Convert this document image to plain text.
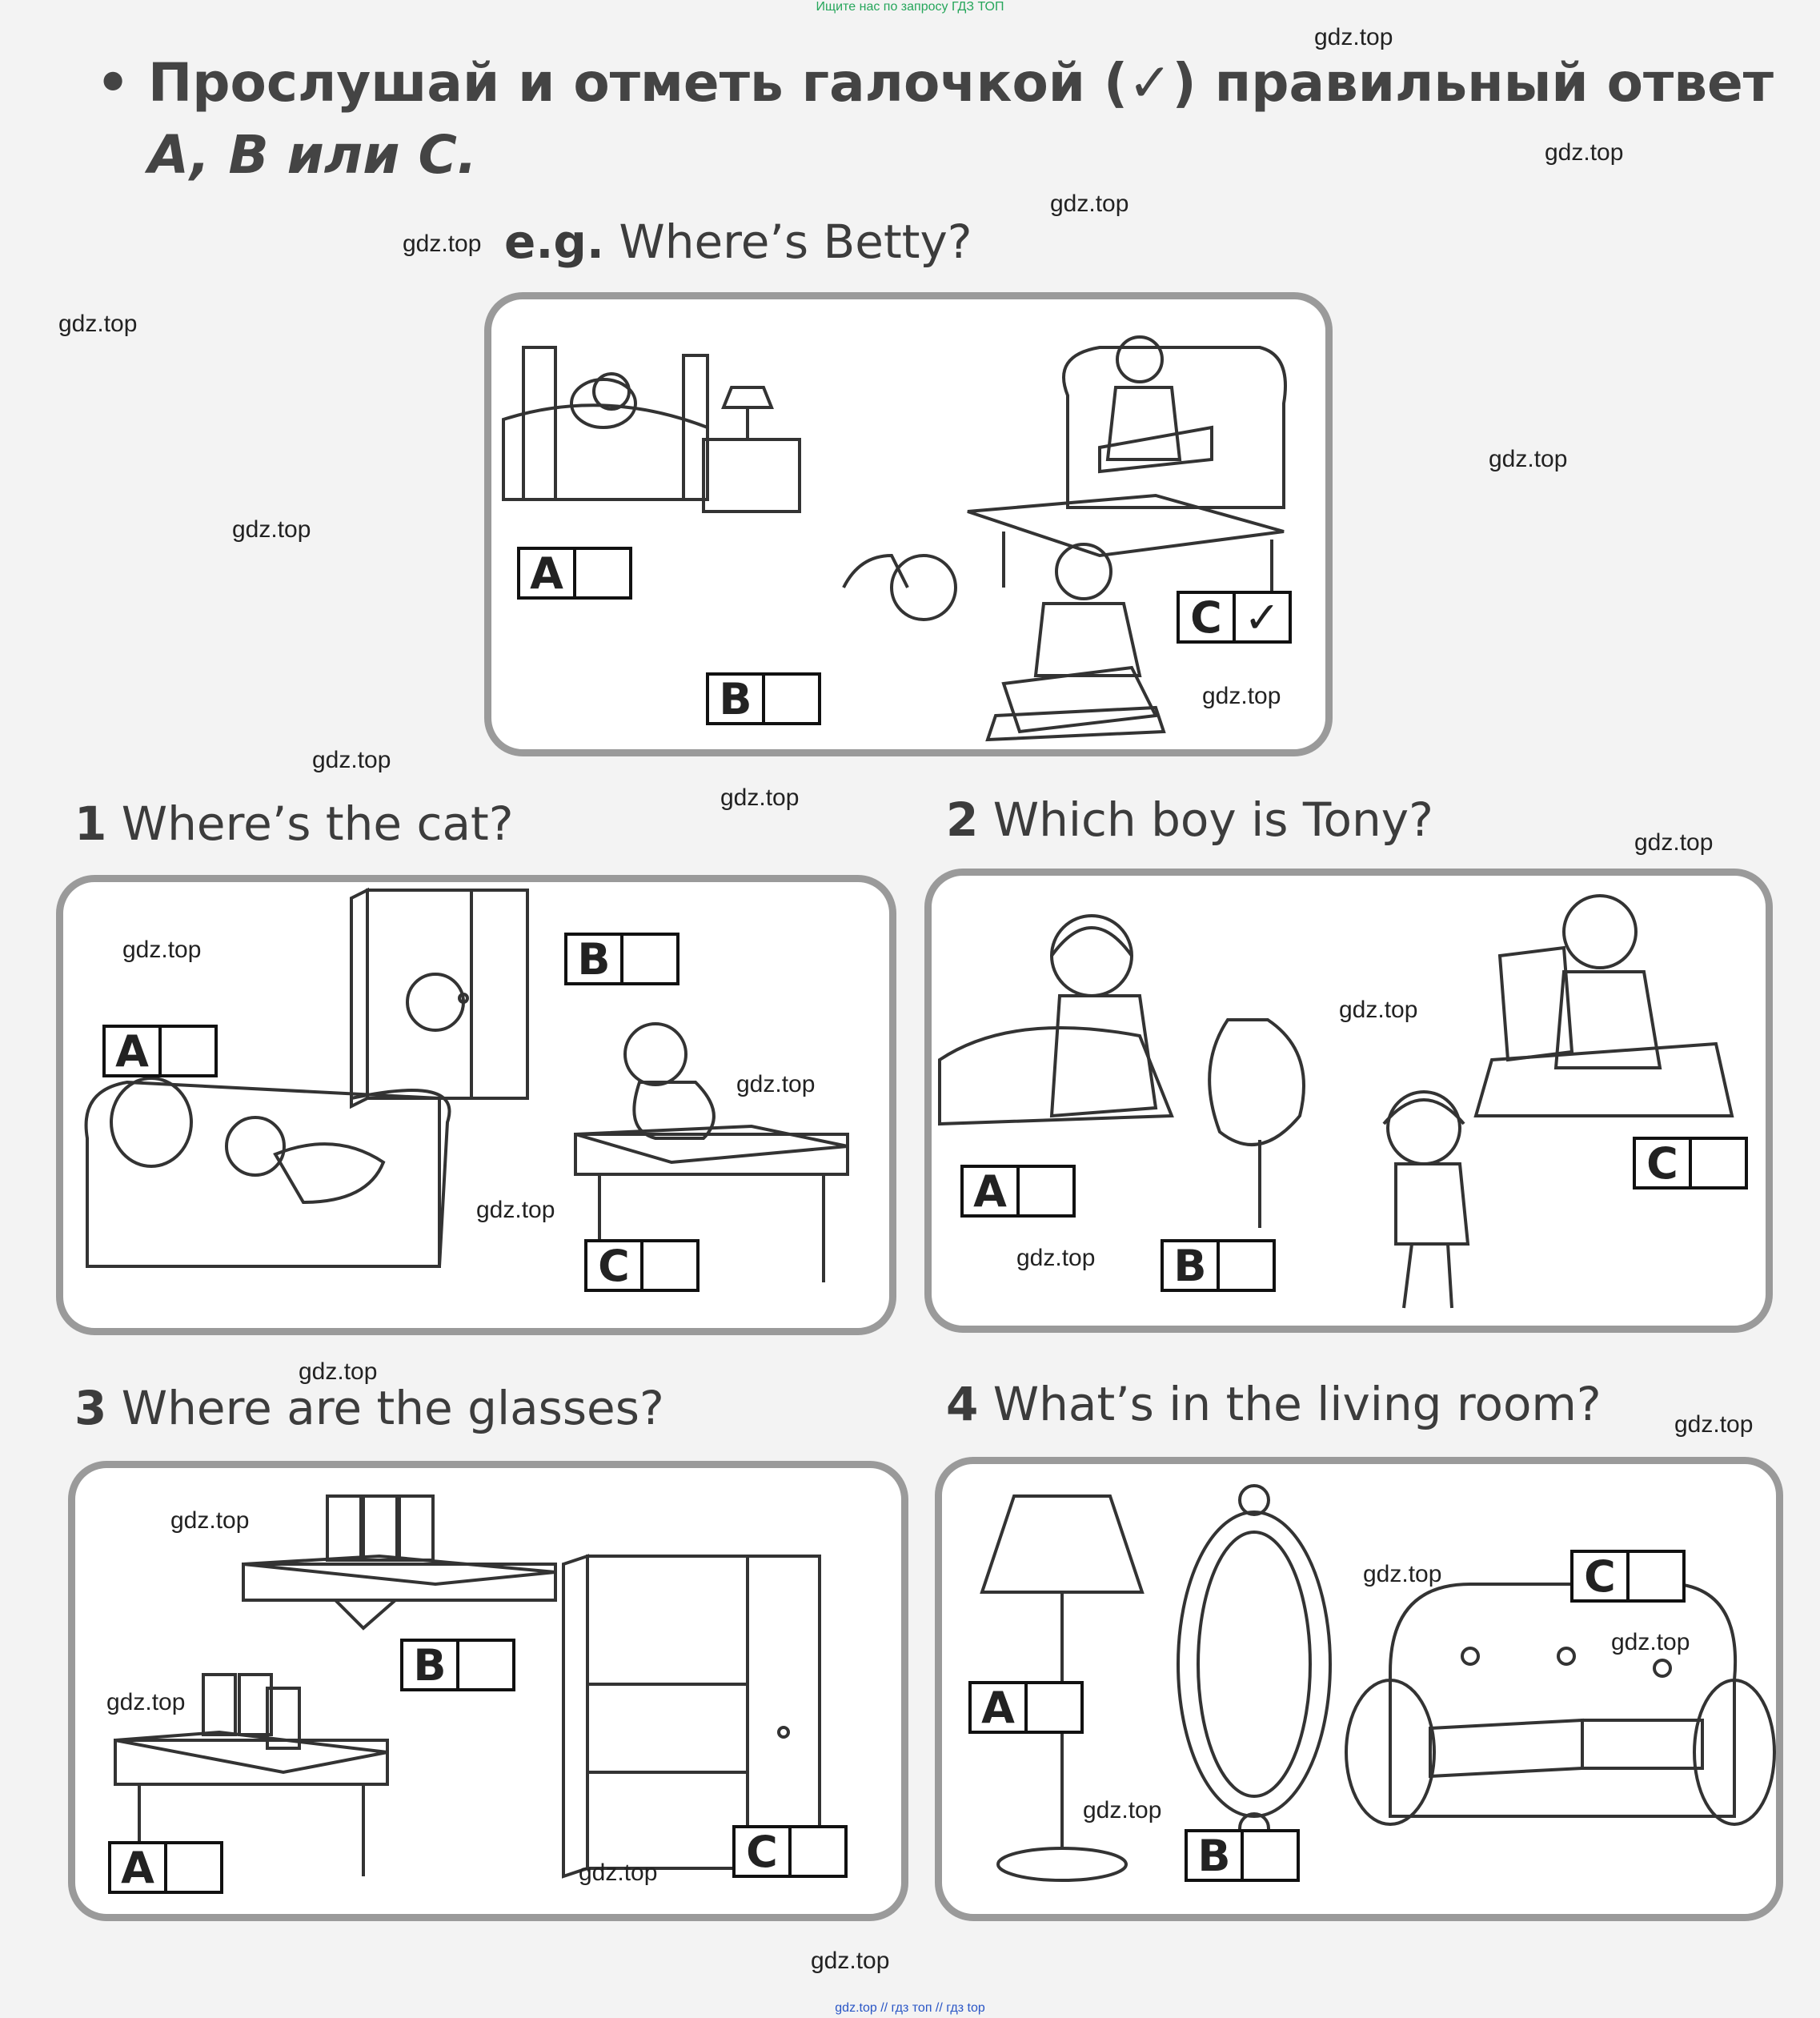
Ищите нас по запросу ГДЗ ТОП
• Прослушай и отметь галочкой (✓) правильный ответ
A, B или C.
e.g. Where’s Betty?
A
B
C ✓
1 Where’s the cat?
A
B
C
2 Which boy is Tony?
A
B
C
3 Where are the glasses?
A
B
C
4 What’s in the living room?
A
B
C
gdz.top
gdz.top
gdz.top
gdz.top
gdz.top
gdz.top
gdz.top
gdz.top
gdz.top
gdz.top
gdz.top
gdz.top
gdz.top
gdz.top
gdz.top
gdz.top
gdz.top
gdz.top
gdz.top
gdz.top
gdz.top
gdz.top
gdz.top
gdz.top
gdz.top
gdz.top // гдз топ // гдз top
